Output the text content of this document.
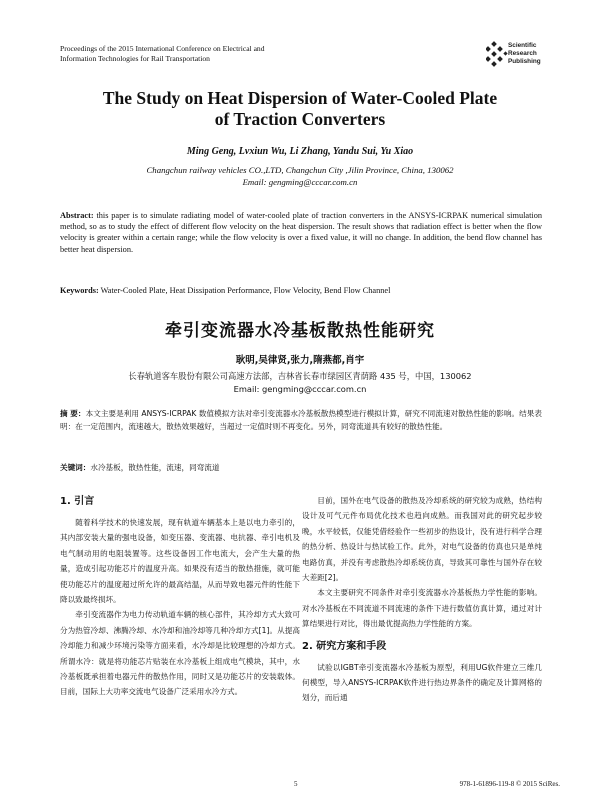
Proceedings of the 2015 International Conference on Electrical and
Information Technologies for Rail Transportation
Scientific
Research
Publishing
The Study on Heat Dispersion of Water-Cooled Plate
of Traction Converters
Ming Geng, Lvxiun Wu, Li Zhang, Yandu Sui, Yu Xiao
Changchun railway vehicles CO.,LTD, Changchun City ,Jilin Province, China, 130062
Email: gengming@cccar.com.cn
Abstract: this paper is to simulate radiating model of water-cooled plate of traction converters in the ANSYS-ICRPAK numerical simulation method, so as to study the effect of different flow velocity on the heat dispersion. The result shows that radiation effect is better when the flow velocity is greater within a certain range; while the flow velocity is over a fixed value, it will no change. In addition, the bend flow channel has better heat dispersion.
Keywords: Water-Cooled Plate, Heat Dissipation Performance, Flow Velocity, Bend Flow Channel
牵引变流器水冷基板散热性能研究
耿明,吴律贤,张力,隋燕都,肖宇
长春轨道客车股份有限公司高速方法部，吉林省长春市绿园区青荫路 435 号，中国，130062
Email: gengming@cccar.com.cn
摘 要：本文主要是利用 ANSYS-ICRPAK 数值模拟方法对牵引变流器水冷基板散热模型进行模拟计算，研究不同流速对散热性能的影响。结果表明：在一定范围内，流速越大，散热效果越好，当超过一定值时则不再变化。另外，同弯流道具有较好的散热性能。
关键词：水冷基板，散热性能，流速，同弯流道
1. 引言

随着科学技术的快速发展，现有轨道车辆基本上是以电力牵引的，其内部安装大量的强电设备，如变压器、变流器、电抗器、牵引电机及电气制动用的电阻装置等。这些设备因工作电流大，会产生大量的热量，造成引起功能芯片的温度升高。如果没有适当的散热措施，就可能使功能芯片的温度超过所允许的最高结温，从而导致电器元件的性能下降以致最终损坏。

牵引变流器作为电力传动轨道车辆的核心部件，其冷却方式大致可分为热管冷却、沸腾冷却、水冷却和油冷却等几种冷却方式[1]。从提高冷却能力和减少环境污染等方面来看，水冷却是比较理想的冷却方式。所谓水冷：就是将功能芯片贴装在水冷基板上组成电气模块，其中，水冷基板既承担着电器元件的散热作用，同时又是功能芯片的安装载体。目前，国际上大功率交流电气设备广泛采用水冷方式。

目前，国外在电气设备的散热及冷却系统的研究较为成熟，热结构设计及可气元件布局优化技术也趋向成熟。而我国对此的研究起步较晚，水平较低，仅能凭借经验作一些初步的热设计，没有进行科学合理的热分析、热设计与热试验工作。此外，对电气设备的仿真也只是单纯电路仿真，并没有考虑散热冷却系统仿真，导致其可靠性与国外存在较大差距[2]。

本文主要研究不同条件对牵引变流器水冷基板热力学性能的影响。对水冷基板在不同流道不同流速的条件下进行数值仿真计算，通过对计算结果进行对比，得出最优提高热力学性能的方案。

2. 研究方案和手段

试验以IGBT牵引变流器水冷基板为原型，利用UG软件建立三维几何模型，导入ANSYS-ICRPAK软件进行热边界条件的确定及计算网格的划分，而后通

5	978-1-61896-119-8 © 2015 SciRes.
